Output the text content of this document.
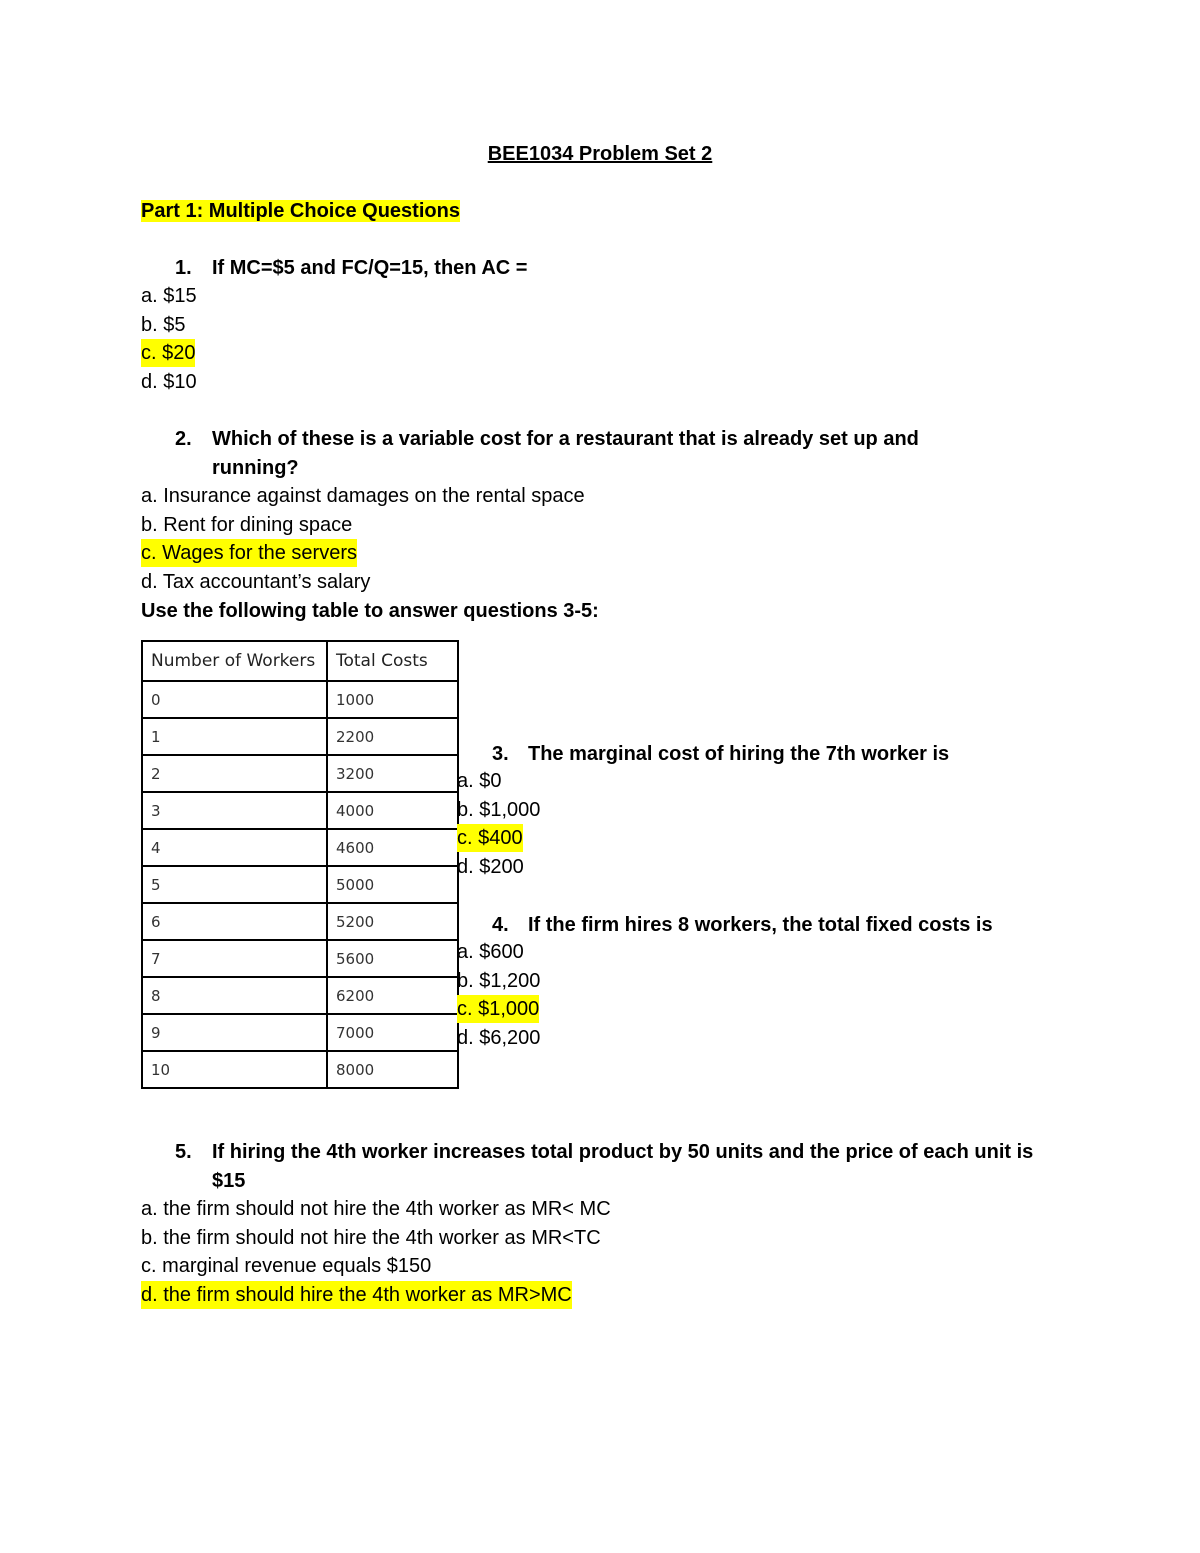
BEE1034 Problem Set 2
Part 1: Multiple Choice Questions
1. If MC=$5 and FC/Q=15, then AC =
a. $15
b. $5
c. $20
d. $10
2. Which of these is a variable cost for a restaurant that is already set up and running?
a. Insurance against damages on the rental space
b. Rent for dining space
c. Wages for the servers
d. Tax accountant’s salary
Use the following table to answer questions 3-5:
Number of Workers	Total Costs
0	1000
1	2200
2	3200
3	4000
4	4600
5	5000
6	5200
7	5600
8	6200
9	7000
10	8000
3. The marginal cost of hiring the 7th worker is
a. $0
b. $1,000
c. $400
d. $200
4. If the firm hires 8 workers, the total fixed costs is
a. $600
b. $1,200
c. $1,000
d. $6,200
5. If hiring the 4th worker increases total product by 50 units and the price of each unit is $15
a. the firm should not hire the 4th worker as MR< MC
b. the firm should not hire the 4th worker as MR<TC
c. marginal revenue equals $150
d. the firm should hire the 4th worker as MR>MC
